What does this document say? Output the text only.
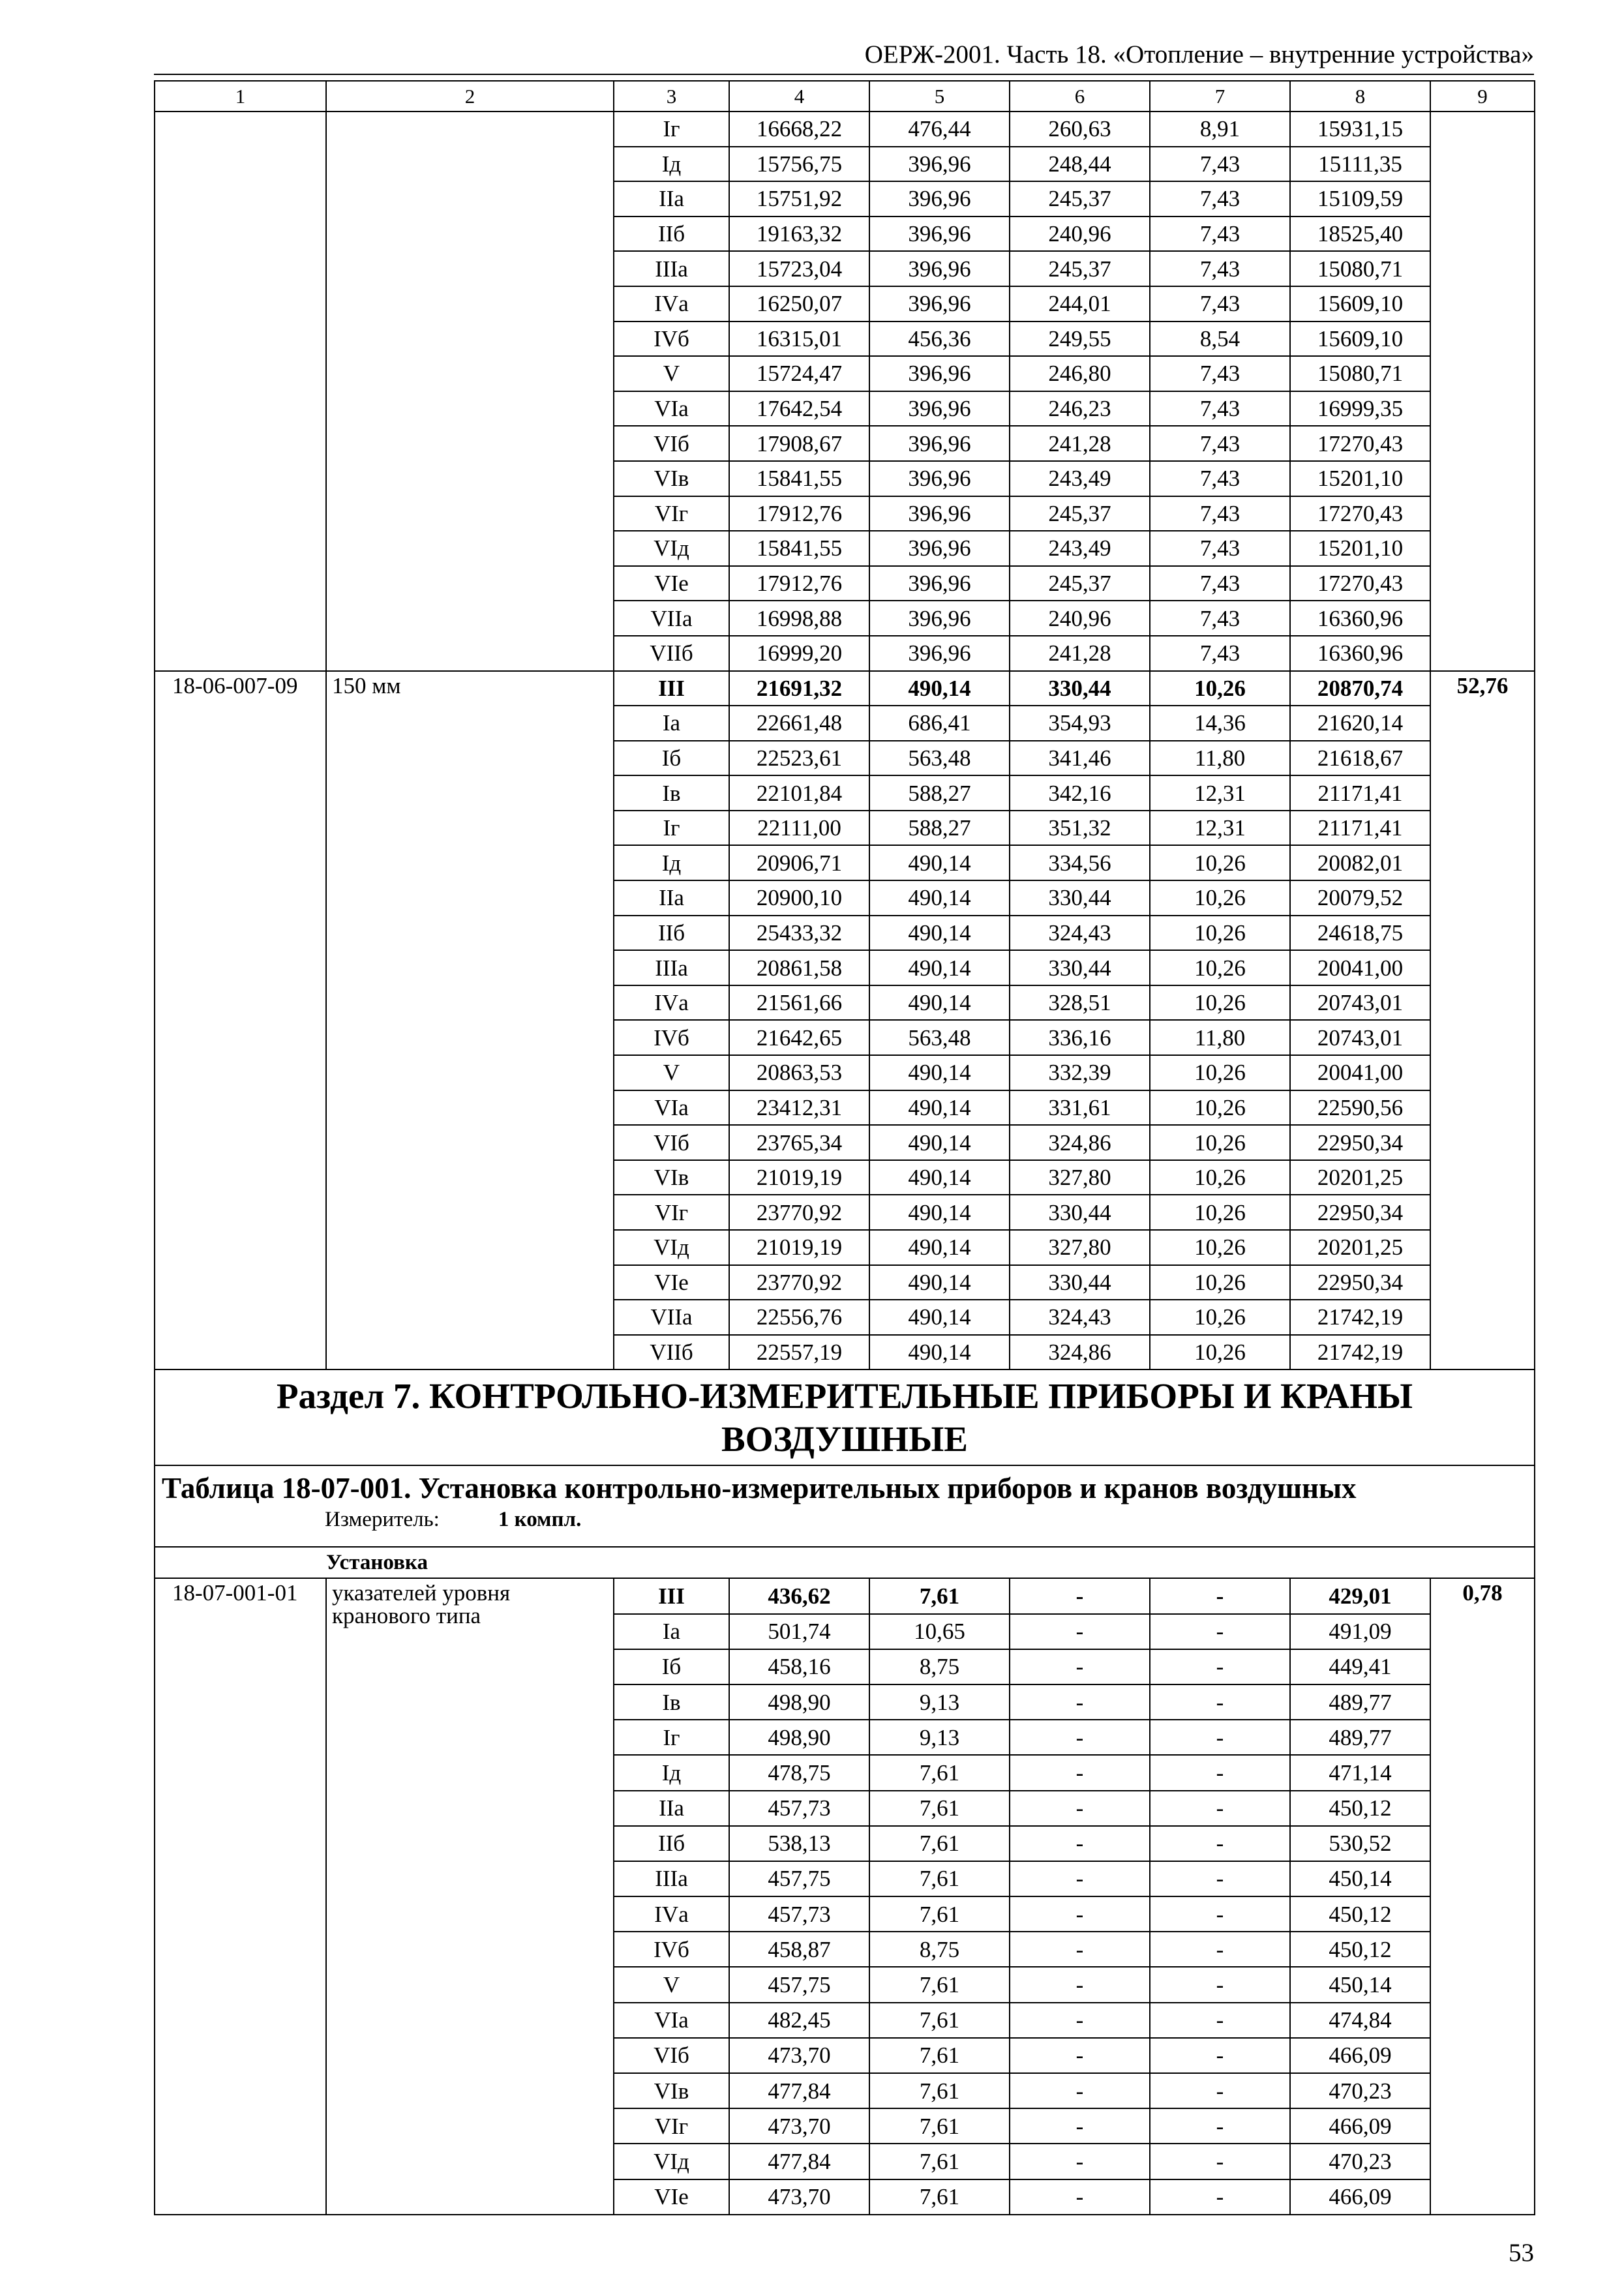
ОЕРЖ-2001. Часть 18. «Отопление – внутренние устройства»
1	2	3	4	5	6	7	8	9
		Iг	16668,22	476,44	260,63	8,91	15931,15	
		Iд	15756,75	396,96	248,44	7,43	15111,35	
		IIа	15751,92	396,96	245,37	7,43	15109,59	
		IIб	19163,32	396,96	240,96	7,43	18525,40	
		IIIа	15723,04	396,96	245,37	7,43	15080,71	
		IVа	16250,07	396,96	244,01	7,43	15609,10	
		IVб	16315,01	456,36	249,55	8,54	15609,10	
		V	15724,47	396,96	246,80	7,43	15080,71	
		VIа	17642,54	396,96	246,23	7,43	16999,35	
		VIб	17908,67	396,96	241,28	7,43	17270,43	
		VIв	15841,55	396,96	243,49	7,43	15201,10	
		VIг	17912,76	396,96	245,37	7,43	17270,43	
		VIд	15841,55	396,96	243,49	7,43	15201,10	
		VIе	17912,76	396,96	245,37	7,43	17270,43	
		VIIа	16998,88	396,96	240,96	7,43	16360,96	
		VIIб	16999,20	396,96	241,28	7,43	16360,96	
18-06-007-09	150 мм	III	21691,32	490,14	330,44	10,26	20870,74	52,76
		Iа	22661,48	686,41	354,93	14,36	21620,14	
		Iб	22523,61	563,48	341,46	11,80	21618,67	
		Iв	22101,84	588,27	342,16	12,31	21171,41	
		Iг	22111,00	588,27	351,32	12,31	21171,41	
		Iд	20906,71	490,14	334,56	10,26	20082,01	
		IIа	20900,10	490,14	330,44	10,26	20079,52	
		IIб	25433,32	490,14	324,43	10,26	24618,75	
		IIIа	20861,58	490,14	330,44	10,26	20041,00	
		IVа	21561,66	490,14	328,51	10,26	20743,01	
		IVб	21642,65	563,48	336,16	11,80	20743,01	
		V	20863,53	490,14	332,39	10,26	20041,00	
		VIа	23412,31	490,14	331,61	10,26	22590,56	
		VIб	23765,34	490,14	324,86	10,26	22950,34	
		VIв	21019,19	490,14	327,80	10,26	20201,25	
		VIг	23770,92	490,14	330,44	10,26	22950,34	
		VIд	21019,19	490,14	327,80	10,26	20201,25	
		VIе	23770,92	490,14	330,44	10,26	22950,34	
		VIIа	22556,76	490,14	324,43	10,26	21742,19	
		VIIб	22557,19	490,14	324,86	10,26	21742,19	
Раздел 7. КОНТРОЛЬНО-ИЗМЕРИТЕЛЬНЫЕ ПРИБОРЫ И КРАНЫ ВОЗДУШНЫЕ								
Таблица 18-07-001. Установка контрольно-измерительных приборов и кранов воздушных
Измеритель: 1 компл.								

Установка								
18-07-001-01	указателей уровня кранового типа	III	436,62	7,61	-	-	429,01	0,78
		Iа	501,74	10,65	-	-	491,09	
		Iб	458,16	8,75	-	-	449,41	
		Iв	498,90	9,13	-	-	489,77	
		Iг	498,90	9,13	-	-	489,77	
		Iд	478,75	7,61	-	-	471,14	
		IIа	457,73	7,61	-	-	450,12	
		IIб	538,13	7,61	-	-	530,52	
		IIIа	457,75	7,61	-	-	450,14	
		IVа	457,73	7,61	-	-	450,12	
		IVб	458,87	8,75	-	-	450,12	
		V	457,75	7,61	-	-	450,14	
		VIа	482,45	7,61	-	-	474,84	
		VIб	473,70	7,61	-	-	466,09	
		VIв	477,84	7,61	-	-	470,23	
		VIг	473,70	7,61	-	-	466,09	
		VIд	477,84	7,61	-	-	470,23	
		VIе	473,70	7,61	-	-	466,09	
53
